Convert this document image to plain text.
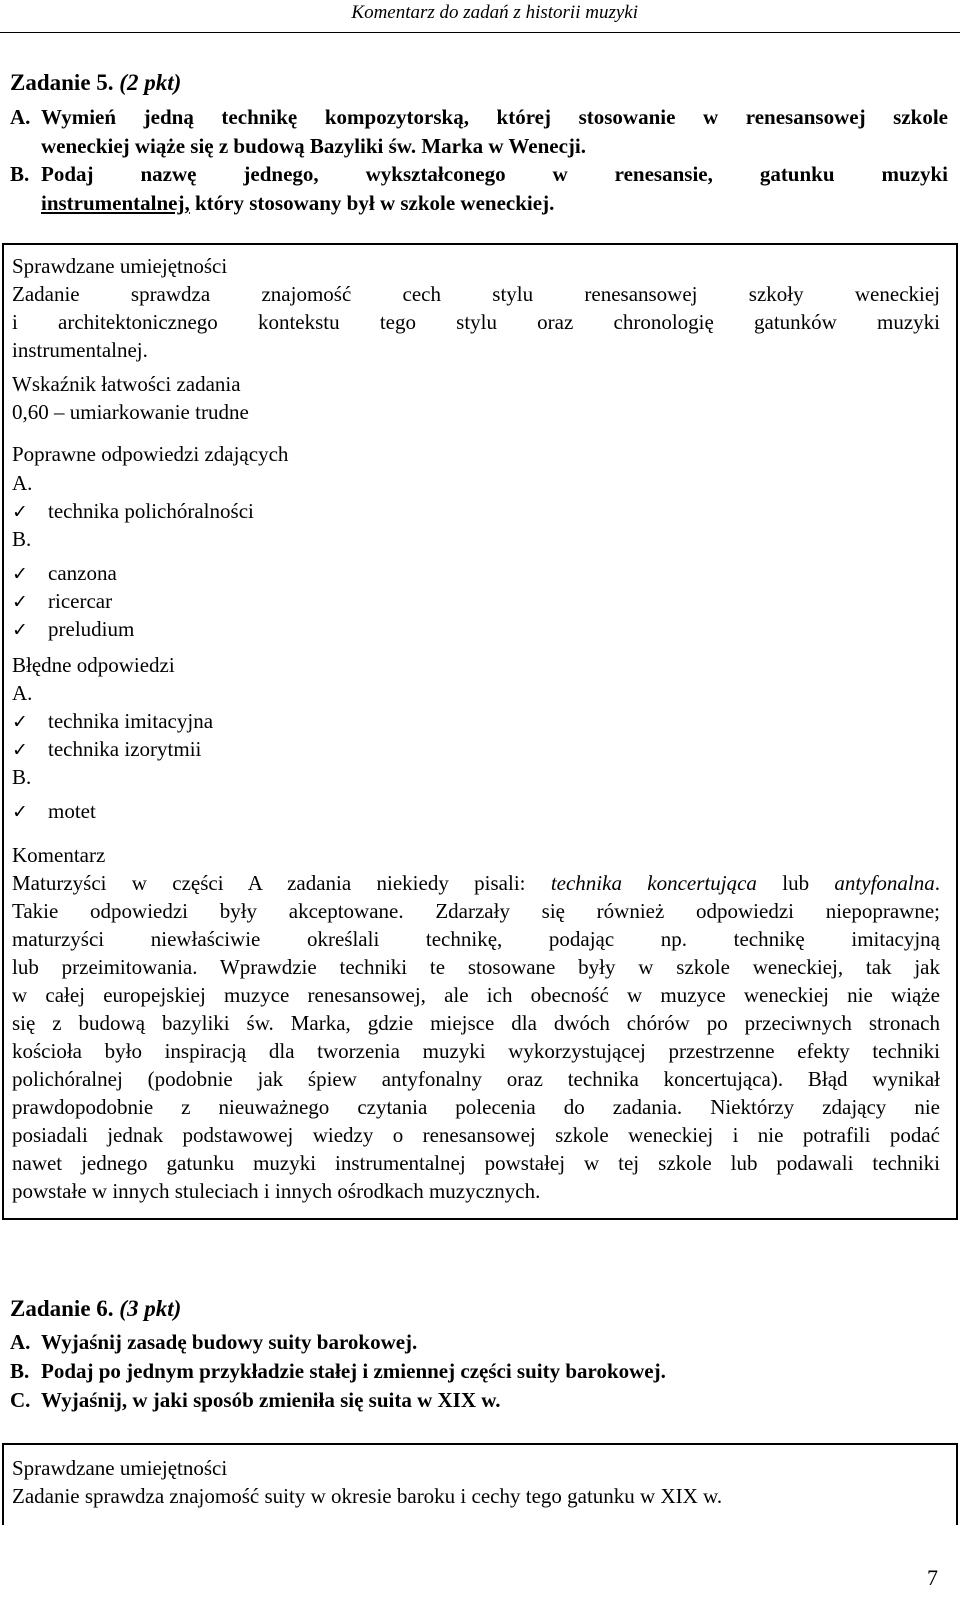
Komentarz do zadań z historii muzyki
Zadanie 5. (2 pkt)
A. Wymień jedną technikę kompozytorską, której stosowanie w renesansowej szkole
weneckiej wiąże się z budową Bazyliki św. Marka w Wenecji.
B. Podaj nazwę jednego, wykształconego w renesansie, gatunku muzyki
instrumentalnej, który stosowany był w szkole weneckiej.
Sprawdzane umiejętności
Zadanie sprawdza znajomość cech stylu renesansowej szkoły weneckiej
i architektonicznego kontekstu tego stylu oraz chronologię gatunków muzyki
instrumentalnej.
Wskaźnik łatwości zadania
0,60 – umiarkowanie trudne
Poprawne odpowiedzi zdających
A.
✓ technika polichóralności
B.
✓ canzona
✓ ricercar
✓ preludium
Błędne odpowiedzi
A.
✓ technika imitacyjna
✓ technika izorytmii
B.
✓ motet
Komentarz
Maturzyści w części A zadania niekiedy pisali: technika koncertująca lub antyfonalna.
Takie odpowiedzi były akceptowane. Zdarzały się również odpowiedzi niepoprawne;
maturzyści niewłaściwie określali technikę, podając np. technikę imitacyjną
lub przeimitowania. Wprawdzie techniki te stosowane były w szkole weneckiej, tak jak
w całej europejskiej muzyce renesansowej, ale ich obecność w muzyce weneckiej nie wiąże
się z budową bazyliki św. Marka, gdzie miejsce dla dwóch chórów po przeciwnych stronach
kościoła było inspiracją dla tworzenia muzyki wykorzystującej przestrzenne efekty techniki
polichóralnej (podobnie jak śpiew antyfonalny oraz technika koncertująca). Błąd wynikał
prawdopodobnie z nieuważnego czytania polecenia do zadania. Niektórzy zdający nie
posiadali jednak podstawowej wiedzy o renesansowej szkole weneckiej i nie potrafili podać
nawet jednego gatunku muzyki instrumentalnej powstałej w tej szkole lub podawali techniki
powstałe w innych stuleciach i innych ośrodkach muzycznych.
Zadanie 6. (3 pkt)
A. Wyjaśnij zasadę budowy suity barokowej.
B. Podaj po jednym przykładzie stałej i zmiennej części suity barokowej.
C. Wyjaśnij, w jaki sposób zmieniła się suita w XIX w.
Sprawdzane umiejętności
Zadanie sprawdza znajomość suity w okresie baroku i cechy tego gatunku w XIX w.
7
